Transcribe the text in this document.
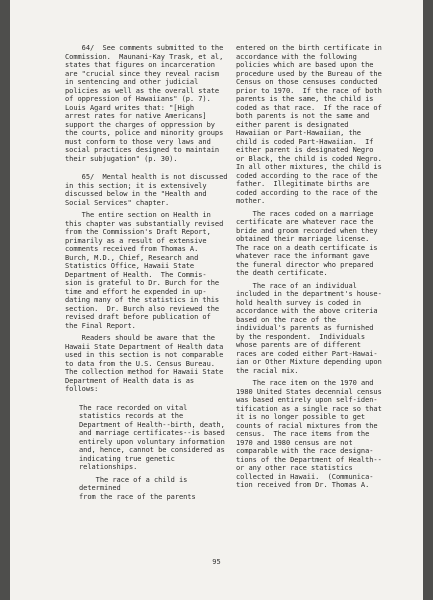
64/  See comments submitted to the
Commission.  Maunani-Kay Trask, et al,
states that figures on incarceration
are "crucial since they reveal racism
in sentencing and other judicial
policies as well as the overall state
of oppression of Hawaiians" (p. 7).
Louis Agard writes that: "[High
arrest rates for native Americans]
support the charges of oppression by
the courts, police and minority groups
must conform to those very laws and
social practices designed to maintain
their subjugation" (p. 30).

65/  Mental health is not discussed
in this section; it is extensively
discussed below in the "Health and
Social Services" chapter.

The entire section on Health in
this chapter was substantially revised
from the Commission's Draft Report,
primarily as a result of extensive
comments received from Thomas A.
Burch, M.D., Chief, Research and
Statistics Office, Hawaii State
Department of Health.  The Commis-
sion is grateful to Dr. Burch for the
time and effort he expended in up-
dating many of the statistics in this
section.  Dr. Burch also reviewed the
revised draft before publication of
the Final Report.

Readers should be aware that the
Hawaii State Department of Health data
used in this section is not comparable
to data from the U.S. Census Bureau.
The collection method for Hawaii State
Department of Health data is as
follows:

The race recorded on vital
statistics records at the
Department of Health--birth, death,
and marriage certificates--is based
entirely upon voluntary information
and, hence, cannot be considered as
indicating true genetic
relationships.

The race of a child is determined
from the race of the parents

entered on the birth certificate in
accordance with the following
policies which are based upon the
procedure used by the Bureau of the
Census on those censuses conducted
prior to 1970.  If the race of both
parents is the same, the child is
coded as that race.  If the race of
both parents is not the same and
either parent is designated
Hawaiian or Part-Hawaiian, the
child is coded Part-Hawaiian.  If
either parent is designated Negro
or Black, the child is coded Negro.
In all other mixtures, the child is
coded according to the race of the
father.  Illegitimate births are
coded according to the race of the
mother.

The races coded on a marriage
certificate are whatever race the
bride and groom recorded when they
obtained their marriage license.
The race on a death certificate is
whatever race the informant gave
the funeral director who prepared
the death certificate.

The race of an individual
included in the department's house-
hold health survey is coded in
accordance with the above criteria
based on the race of the
individual's parents as furnished
by the respondent.  Individuals
whose parents are of different
races are coded either Part-Hawai-
ian or Other Mixture depending upon
the racial mix.

The race item on the 1970 and
1980 United States decennial census
was based entirely upon self-iden-
tification as a single race so that
it is no longer possible to get
counts of racial mixtures from the
census.  The race items from the
1970 and 1980 census are not
comparable with the race designa-
tions of the Department of Health--
or any other race statistics
collected in Hawaii.  (Communica-
tion received from Dr. Thomas A.

95
